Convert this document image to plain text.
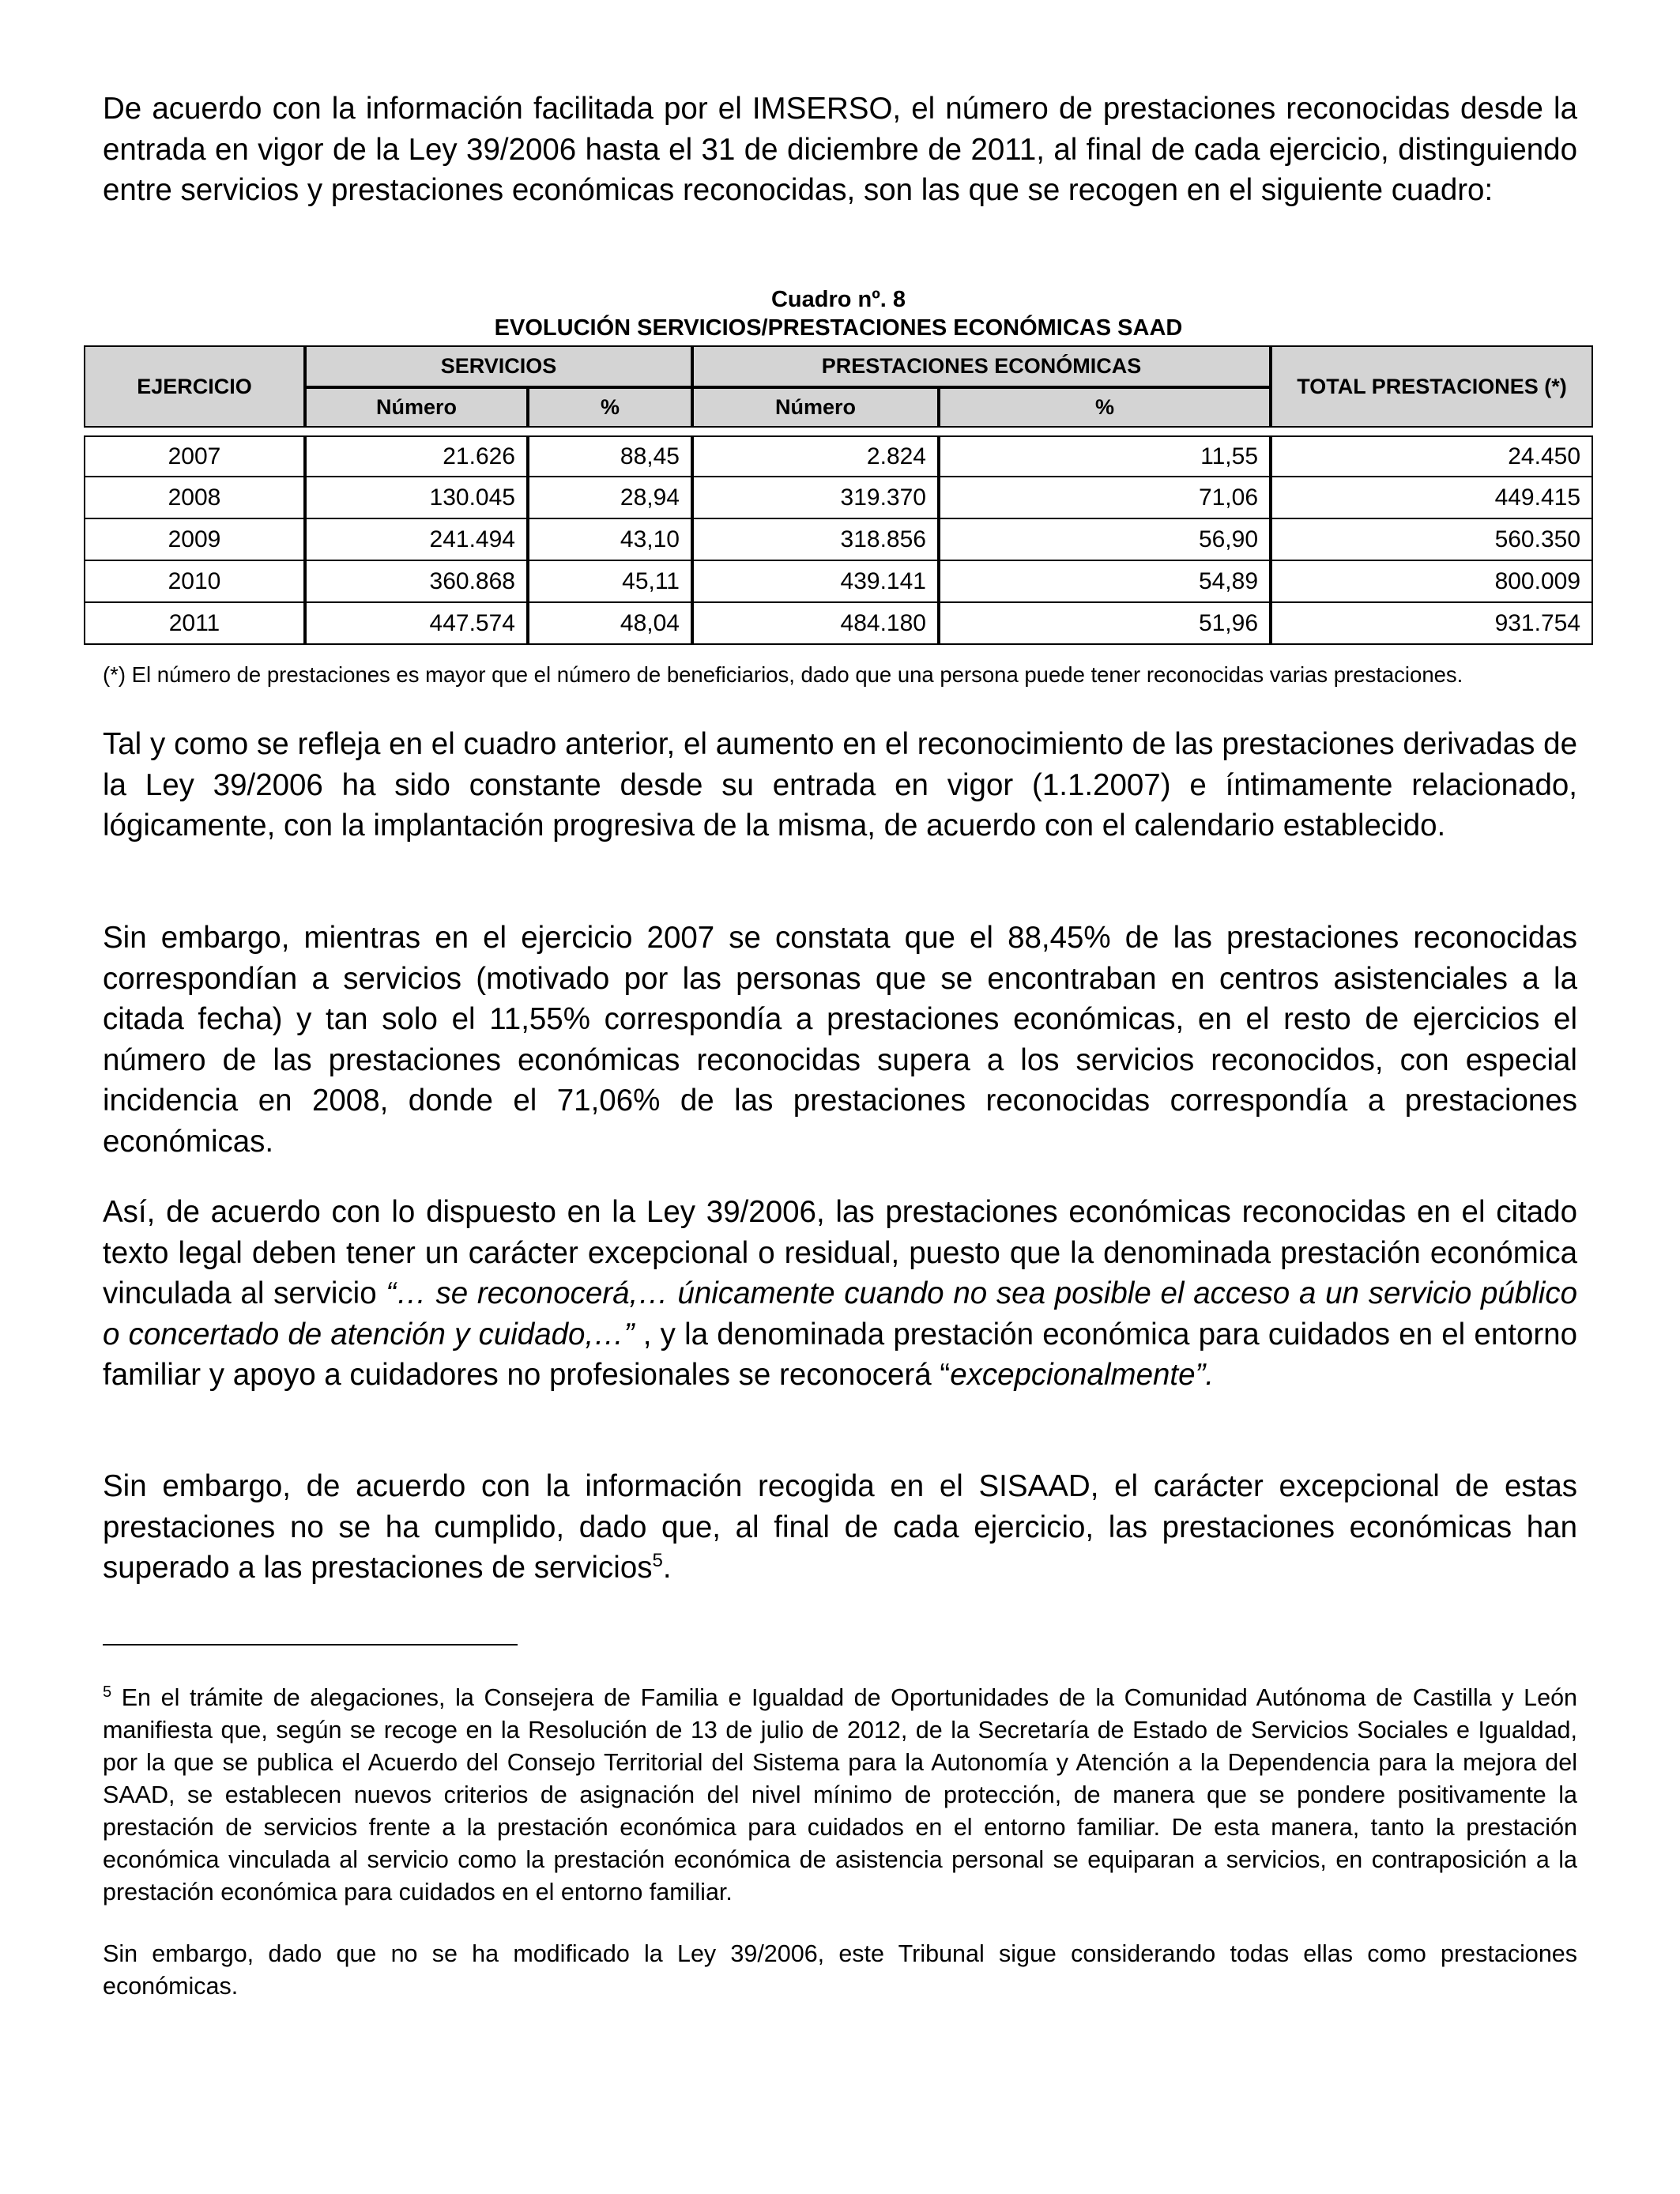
De acuerdo con la información facilitada por el IMSERSO, el número de prestaciones reconocidas desde la entrada en vigor de la Ley 39/2006 hasta el 31 de diciembre de 2011, al final de cada ejercicio, distinguiendo entre servicios y prestaciones económicas reconocidas, son las que se recogen en el siguiente cuadro:

Cuadro nº. 8
EVOLUCIÓN SERVICIOS/PRESTACIONES ECONÓMICAS SAAD
EJERCICIO	SERVICIOS		PRESTACIONES ECONÓMICAS		TOTAL PRESTACIONES (*)
	Número	%	Número	%	

2007	21.626	88,45	2.824	11,55	24.450
2008	130.045	28,94	319.370	71,06	449.415
2009	241.494	43,10	318.856	56,90	560.350
2010	360.868	45,11	439.141	54,89	800.009
2011	447.574	48,04	484.180	51,96	931.754

(*) El número de prestaciones es mayor que el número de beneficiarios, dado que una persona puede tener reconocidas varias prestaciones.

Tal y como se refleja en el cuadro anterior, el aumento en el reconocimiento de las prestaciones derivadas de la Ley 39/2006 ha sido constante desde su entrada en vigor (1.1.2007) e íntimamente relacionado, lógicamente, con la implantación progresiva de la misma, de acuerdo con el calendario establecido.

Sin embargo, mientras en el ejercicio 2007 se constata que el 88,45% de las prestaciones reconocidas correspondían a servicios (motivado por las personas que se encontraban en centros asistenciales a la citada fecha) y tan solo el 11,55% correspondía a prestaciones económicas, en el resto de ejercicios el número de las prestaciones económicas reconocidas supera a los servicios reconocidos, con especial incidencia en 2008, donde el 71,06% de las prestaciones reconocidas correspondía a prestaciones económicas.

Así, de acuerdo con lo dispuesto en la Ley 39/2006, las prestaciones económicas reconocidas en el citado texto legal deben tener un carácter excepcional o residual, puesto que la denominada prestación económica vinculada al servicio “… se reconocerá,… únicamente cuando no sea posible el acceso a un servicio público o concertado de atención y cuidado,…” , y la denominada prestación económica para cuidados en el entorno familiar y apoyo a cuidadores no profesionales se reconocerá “excepcionalmente”.

Sin embargo, de acuerdo con la información recogida en el SISAAD, el carácter excepcional de estas prestaciones no se ha cumplido, dado que, al final de cada ejercicio, las prestaciones económicas han superado a las prestaciones de servicios$^5$.

$^5$ En el trámite de alegaciones, la Consejera de Familia e Igualdad de Oportunidades de la Comunidad Autónoma de Castilla y León manifiesta que, según se recoge en la Resolución de 13 de julio de 2012, de la Secretaría de Estado de Servicios Sociales e Igualdad, por la que se publica el Acuerdo del Consejo Territorial del Sistema para la Autonomía y Atención a la Dependencia para la mejora del SAAD, se establecen nuevos criterios de asignación del nivel mínimo de protección, de manera que se pondere positivamente la prestación de servicios frente a la prestación económica para cuidados en el entorno familiar. De esta manera, tanto la prestación económica vinculada al servicio como la prestación económica de asistencia personal se equiparan a servicios, en contraposición a la prestación económica para cuidados en el entorno familiar.

Sin embargo, dado que no se ha modificado la Ley 39/2006, este Tribunal sigue considerando todas ellas como prestaciones económicas.
